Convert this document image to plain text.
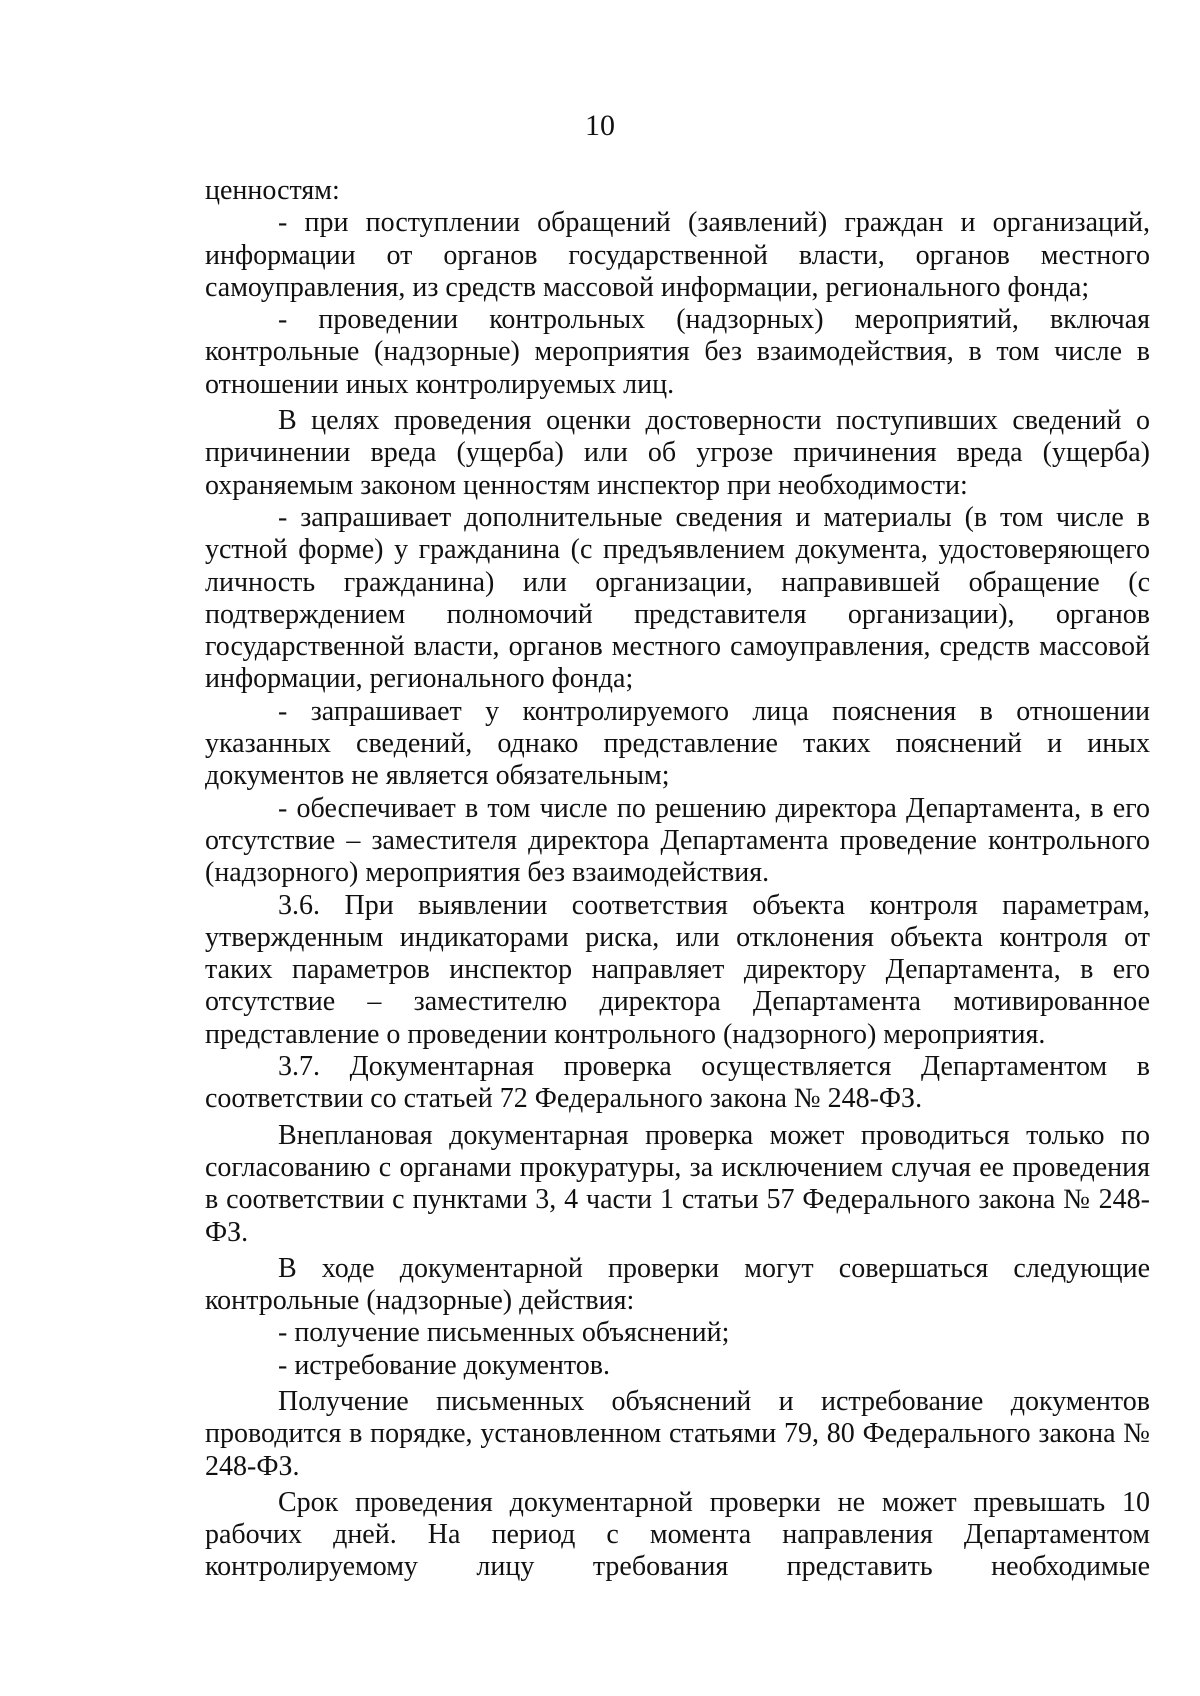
10

ценностям:

- при поступлении обращений (заявлений) граждан и организаций, информации от органов государственной власти, органов местного самоуправления, из средств массовой информации, регионального фонда;

- проведении контрольных (надзорных) мероприятий, включая контрольные (надзорные) мероприятия без взаимодействия, в том числе в отношении иных контролируемых лиц.

В целях проведения оценки достоверности поступивших сведений о причинении вреда (ущерба) или об угрозе причинения вреда (ущерба) охраняемым законом ценностям инспектор при необходимости:

- запрашивает дополнительные сведения и материалы (в том числе в устной форме) у гражданина (с предъявлением документа, удостоверяющего личность гражданина) или организации, направившей обращение (с подтверждением полномочий представителя организации), органов государственной власти, органов местного самоуправления, средств массовой информации, регионального фонда;

- запрашивает у контролируемого лица пояснения в отношении указанных сведений, однако представление таких пояснений и иных документов не является обязательным;

- обеспечивает в том числе по решению директора Департамента, в его отсутствие – заместителя директора Департамента проведение контрольного (надзорного) мероприятия без взаимодействия.

3.6. При выявлении соответствия объекта контроля параметрам, утвержденным индикаторами риска, или отклонения объекта контроля от таких параметров инспектор направляет директору Департамента, в его отсутствие – заместителю директора Департамента мотивированное представление о проведении контрольного (надзорного) мероприятия.

3.7. Документарная проверка осуществляется Департаментом в соответствии со статьей 72 Федерального закона № 248-ФЗ.

Внеплановая документарная проверка может проводиться только по согласованию с органами прокуратуры, за исключением случая ее проведения в соответствии с пунктами 3, 4 части 1 статьи 57 Федерального закона № 248-ФЗ.

В ходе документарной проверки могут совершаться следующие контрольные (надзорные) действия:

- получение письменных объяснений;

- истребование документов.

Получение письменных объяснений и истребование документов проводится в порядке, установленном статьями 79, 80 Федерального закона № 248-ФЗ.

Срок проведения документарной проверки не может превышать 10 рабочих дней. На период с момента направления Департаментом контролируемому лицу требования представить необходимые
